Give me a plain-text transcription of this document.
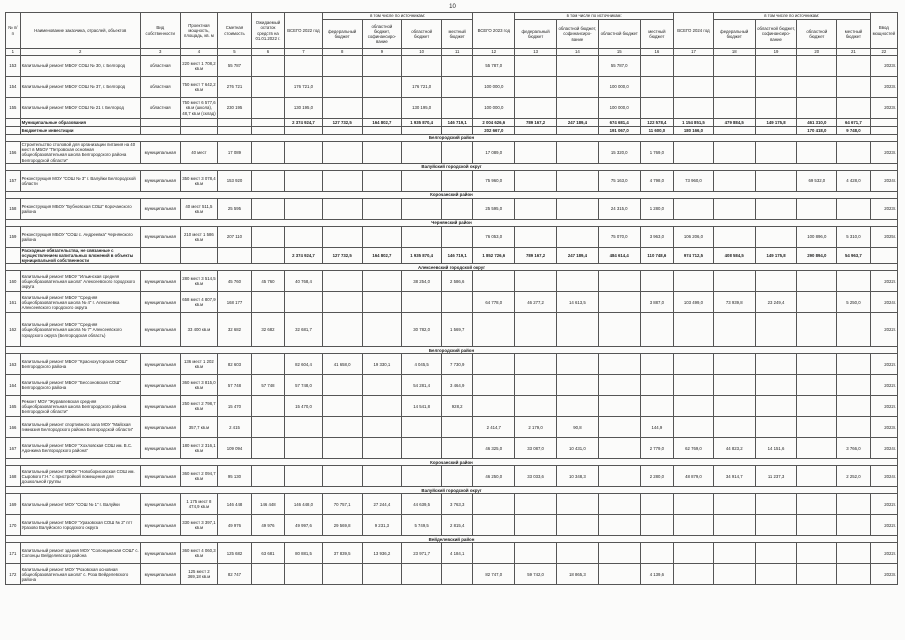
10
№ п/п	Наименование заказчика, отраслей, объектов	Вид собственности	Проектная мощность, площадь, кв. м	Сметная стоимость	Ожидаемый остаток средств на 01.01.2022 г.	ВСЕГО 2022 год	в том числе по источникам:				ВСЕГО 2023 год	в том числе по источникам:				ВСЕГО 2024 год	в том числе по источникам:				Ввод мощностей
							федеральный бюджет	областной бюджет, софинансиро-вание	областной бюджет	местный бюджет		федеральный бюджет	областной бюджет, софинансиро-вание	областной бюджет	местный бюджет		федеральный бюджет	областной бюджет, софинансиро-вание	областной бюджет	местный бюджет	
1	2	3	4	5	6	7	8	9	10	11	12	13	14	15	16	17	18	19	20	21	22
153	Капитальный ремонт МБОУ СОШ № 30, г. Белгород	областная	220 мест 1 708,2 кв.м	55 787							55 787,0			55 787,0							2023г.
154	Капитальный ремонт МБОУ СОШ № 37, г. Белгород	областная	750 мест 7 642,2 кв.м	276 721		176 721,0			176 721,0		100 000,0			100 000,0							2023г.
155	Капитальный ремонт МБОУ СОШ № 21 г. Белгород	областная	750 мест 6 577,6 кв.м (школа), 48,7 кв.м (склад)	230 195		130 195,0			130 195,0		100 000,0			100 000,0							2023г.
	Муниципальные образования					2 374 924,7	127 732,5	164 802,7	1 935 870,4	146 719,1	2 004 626,6	789 167,2	247 189,4	674 681,4	122 578,4	1 154 851,5	479 884,5	149 175,8	461 310,0	64 671,7	
	Бюджетные инвестиции										202 667,0			191 067,0	11 600,0	180 166,0			170 418,0	9 748,0	
Белгородский район																					
156	Строительство столовой для организации питания на 40 мест в МБОУ "Петровская основная общеобразовательная школа Белгородского района Белгородской области"	муниципальная	40 мест	17 089							17 089,0			15 320,0	1 769,0						2023г.
Валуйский городской округ																					
157	Реконструкция МОУ "СОШ № 3" г. Валуйки Белгородской области	муниципальная	350 мест 3 078,4 кв.м	153 920							75 960,0			75 163,0	4 798,0	73 960,0			69 532,0	4 428,0	2024г.
Корочанский район																					
158	Реконструкция МБОУ "Бубновская СОШ" Корочанского района	муниципальная	40 мест 511,5 кв.м	25 595							25 595,0			24 315,0	1 280,0						2023г.
Чернянский район																					
159	Реконструкция МБОУ "СОШ с. Андреевка" Чернянского района	муниципальная	210 мест 1 586 кв.м	207 110							76 053,0			75 070,0	3 963,0	106 206,0			100 896,0	5 310,0	2025г.
	Расходные обязательства, не связанные с осуществлением капитальных вложений в объекты муниципальной собственности					2 374 924,7	127 732,5	164 802,7	1 935 870,4	146 719,1	1 852 726,6	789 167,2	247 189,4	484 614,4	110 748,6	974 712,5	408 584,5	149 175,8	290 894,0	54 963,7	
Алексеевский городской округ																					
160	Капитальный ремонт МБОУ "Ильинская средняя общеобразовательная школа" Алексеевского городского округа	муниципальная	280 мест 3 514,5 кв.м	45 760	45 760	40 768,4			38 254,0	2 586,6											2022г.
161	Капитальный ремонт МБОУ "Средняя общеобразовательная школа № 4" г. Алексеевка Алексеевского городского округа	муниципальная	658 мест 4 807,9 кв.м	168 177							64 778,0	46 277,2	14 613,5		3 887,0	103 499,0	73 939,8	23 249,4		5 250,0	2024г.
162	Капитальный ремонт МБОУ "Средняя общеобразовательная школа № 7" Алексеевского городского округа (Белгородская область)	муниципальная	33 400 кв.м	32 682	32 682	32 681,7			30 782,0	1 569,7											2022г.
Белгородский район																					
163	Капитальный ремонт МБОУ "Краснохуторская ООШ" Белгородского района	муниципальная	136 мест 1 202 кв.м	82 603		82 604,4	41 658,0	19 330,1	4 045,5	7 730,9											2022г.
164	Капитальный ремонт МБОУ "Бессоновская СОШ" Белгородского района	муниципальная	360 мест 3 815,0 кв.м	57 748	57 748	57 748,0			54 281,4	3 464,9											2022г.
165	Ремонт МОУ "Журавлевская средняя общеобразовательная школа Белгородского района Белгородской области"	муниципальная	250 мест 2 798,7 кв.м	15 470		15 470,0			14 541,8	928,2											2022г.
166	Капитальный ремонт спортивного зала МОУ "Майская гимназия Белгородского района Белгородской области"	муниципальная	357,7 кв.м	2 415							2 414,7	2 179,0	90,8		144,9						2023г.
167	Капитальный ремонт МБОУ "Хохловская СОШ им. В.С. Адонкина Белгородского района"	муниципальная	180 мест 2 316,1 кв.м	109 094							46 325,0	33 087,0	10 431,0		2 779,0	62 769,0	44 823,2	14 151,6		3 766,0	2024г.
Корочанский район																					
168	Капитальный ремонт МБОУ "Новоборисовская СОШ им. Сырового Г.Н." с пристройкой помещения для дошкольной группы	муниципальная	360 мест 2 094,7 кв.м	95 130							46 250,0	33 033,6	10 348,3		2 280,0	48 879,0	34 914,7	11 237,3		2 252,0	2024г.
Валуйский городской округ																					
169	Капитальный ремонт МОУ "СОШ № 1" г. Валуйки	муниципальная	1 175 мест 8 474,9 кв.м	146 448	146 448	146 448,0	70 757,1	27 244,4	44 639,5	3 763,3											2022г.
170	Капитальный ремонт МБОУ "Уразовская СОШ № 2" пгт Уразово Валуйского городского округа	муниципальная	330 мест 3 397,1 кв.м	49 976	49 976	49 997,6	29 569,8	9 231,3	5 749,5	2 815,4											2022г.
Вейделевский район																					
171	Капитальный ремонт здания МОУ "Солонцинская СОШ" с. Солонцы Вейделевского района	муниципальная	360 мест 4 060,3 кв.м	125 682	63 681	80 881,5	37 839,5	13 936,2	23 971,7	4 184,1											2022г.
172	Капитальный ремонт МОУ "Розовская основная общеобразовательная школа" с. Роза Вейделевского района	муниципальная	125 мест 2 369,18 кв.м	82 747							82 747,0	59 742,0	18 865,3		4 139,6						2023г.
